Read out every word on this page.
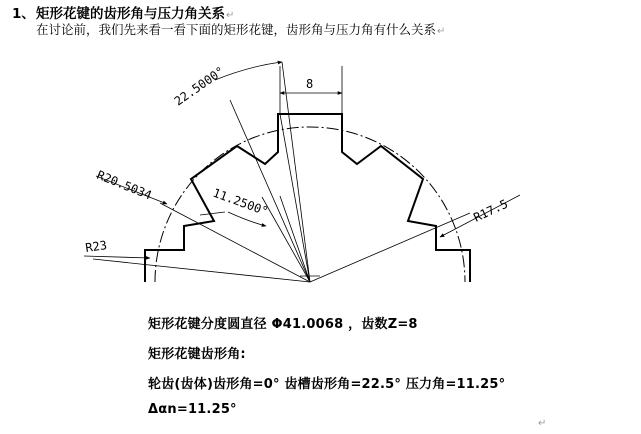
1、矩形花键的齿形角与压力角关系↵
在讨论前，我们先来看一看下面的矩形花键，齿形角与压力角有什么关系↵
22.5000°	8
11.2500°
R20.5034
R23
R17.5
矩形花键分度圆直径 Φ41.0068 ，齿数Z=8
矩形花键齿形角:
轮齿(齿体)齿形角=0° 齿槽齿形角=22.5° 压力角=11.25°
Δαn=11.25°
↵
